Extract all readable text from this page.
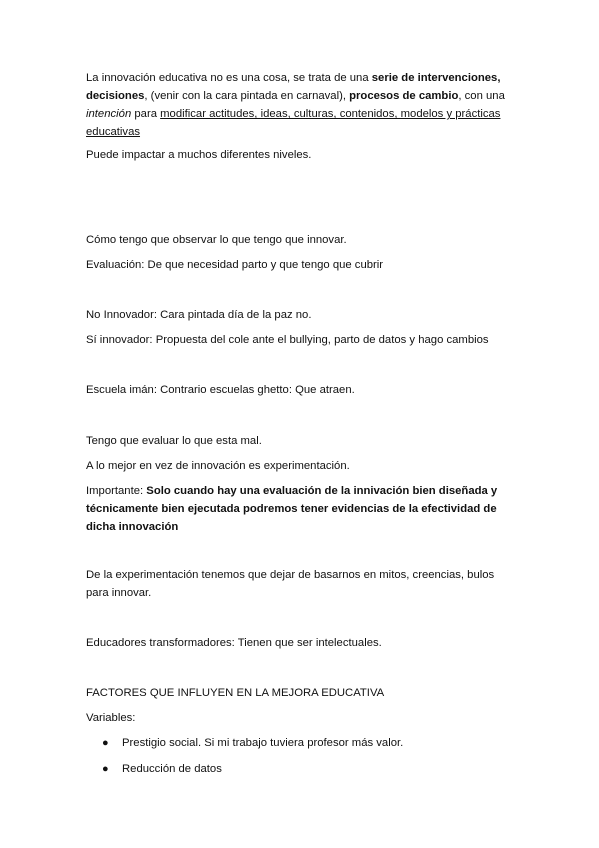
La innovación educativa no es una cosa, se trata de una serie de intervenciones, decisiones, (venir con la cara pintada en carnaval), procesos de cambio, con una intención para modificar actitudes, ideas, culturas, contenidos, modelos y prácticas educativas

Puede impactar a muchos diferentes niveles.

Cómo tengo que observar lo que tengo que innovar.

Evaluación: De que necesidad parto y que tengo que cubrir

No Innovador: Cara pintada día de la paz no.

Sí innovador: Propuesta del cole ante el bullying, parto de datos y hago cambios

Escuela imán: Contrario escuelas ghetto: Que atraen.

Tengo que evaluar lo que esta mal.

A lo mejor en vez de innovación es experimentación.

Importante: Solo cuando hay una evaluación de la innivación bien diseñada y técnicamente bien ejecutada podremos tener evidencias de la efectividad de dicha innovación

De la experimentación tenemos que dejar de basarnos en mitos, creencias, bulos para innovar.

Educadores transformadores: Tienen que ser intelectuales.

FACTORES QUE INFLUYEN EN LA MEJORA EDUCATIVA

Variables:

● Prestigio social. Si mi trabajo tuviera profesor más valor.
● Reducción de datos
